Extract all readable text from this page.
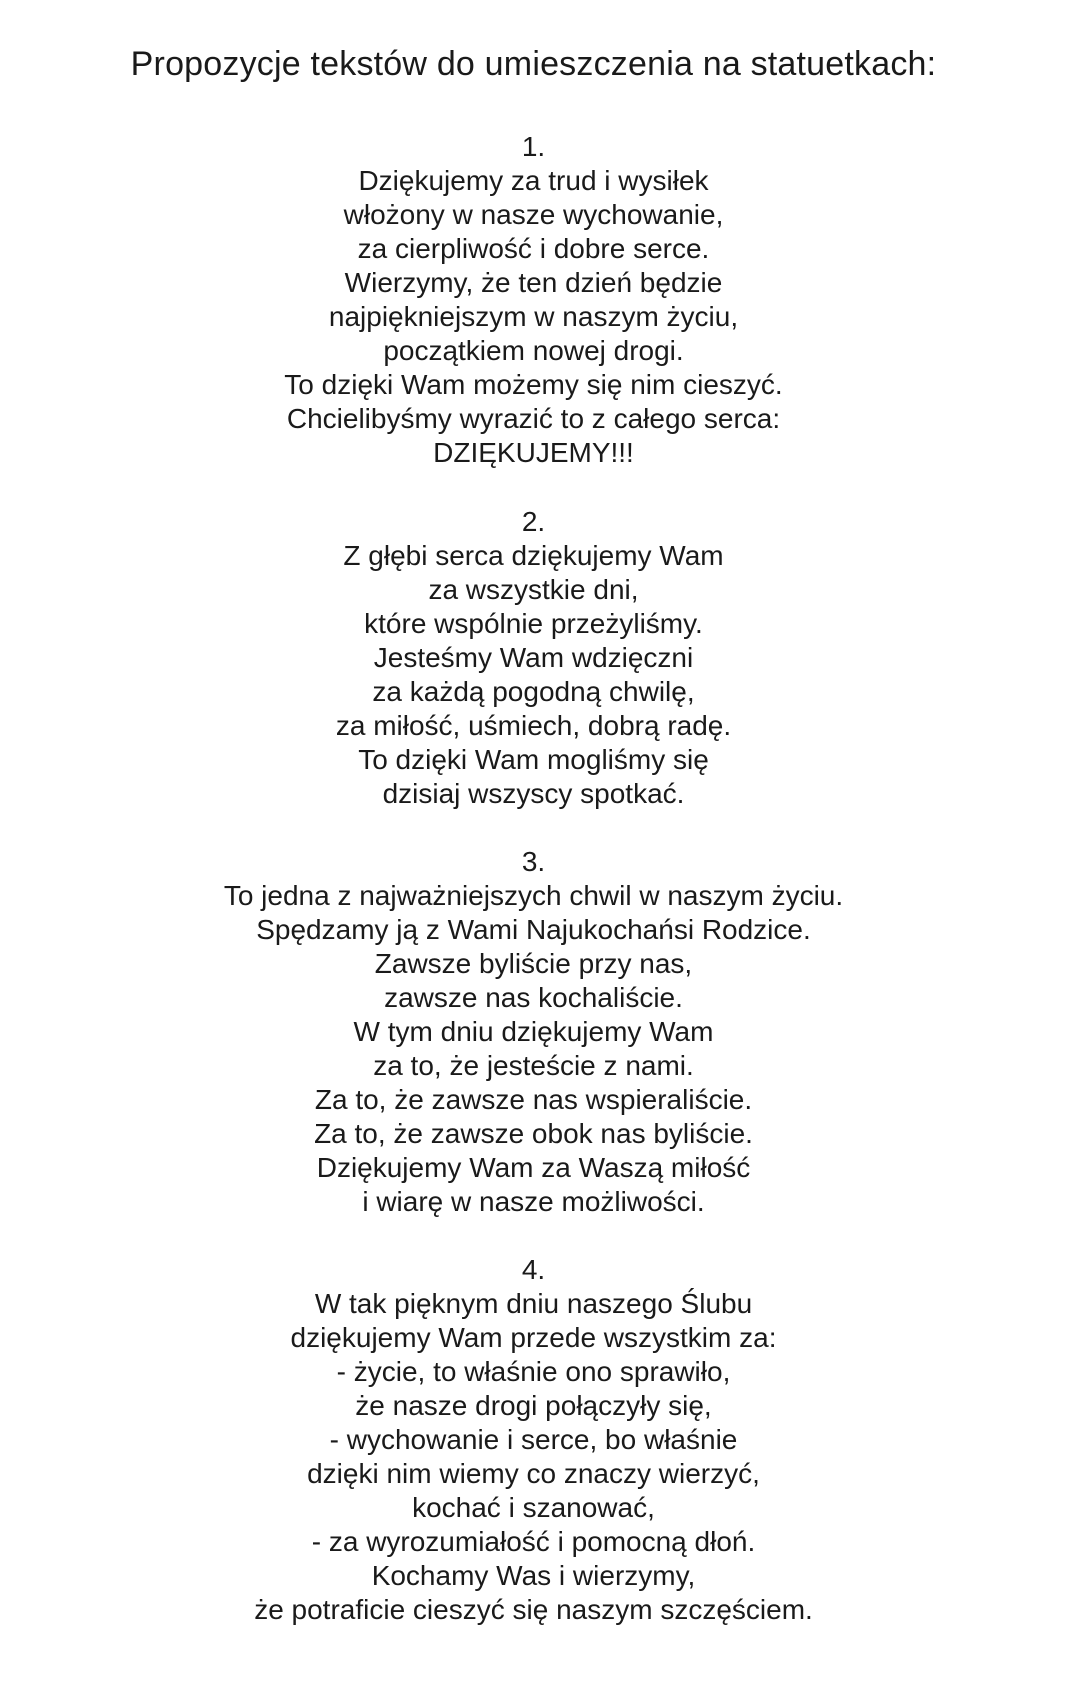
Propozycje tekstów do umieszczenia na statuetkach:
1.
Dziękujemy za trud i wysiłek
włożony w nasze wychowanie,
za cierpliwość i dobre serce.
Wierzymy, że ten dzień będzie
najpiękniejszym w naszym życiu,
początkiem nowej drogi.
To dzięki Wam możemy się nim cieszyć.
Chcielibyśmy wyrazić to z całego serca:
DZIĘKUJEMY!!!
2.
Z głębi serca dziękujemy Wam
za wszystkie dni,
które wspólnie przeżyliśmy.
Jesteśmy Wam wdzięczni
za każdą pogodną chwilę,
za miłość, uśmiech, dobrą radę.
To dzięki Wam mogliśmy się
dzisiaj wszyscy spotkać.
3.
To jedna z najważniejszych chwil w naszym życiu.
Spędzamy ją z Wami Najukochańsi Rodzice.
Zawsze byliście przy nas,
zawsze nas kochaliście.
W tym dniu dziękujemy Wam
za to, że jesteście z nami.
Za to, że zawsze nas wspieraliście.
Za to, że zawsze obok nas byliście.
Dziękujemy Wam za Waszą miłość
i wiarę w nasze możliwości.
4.
W tak pięknym dniu naszego Ślubu
dziękujemy Wam przede wszystkim za:
- życie, to właśnie ono sprawiło,
że nasze drogi połączyły się,
- wychowanie i serce, bo właśnie
dzięki nim wiemy co znaczy wierzyć,
kochać i szanować,
- za wyrozumiałość i pomocną dłoń.
Kochamy Was i wierzymy,
że potraficie cieszyć się naszym szczęściem.
